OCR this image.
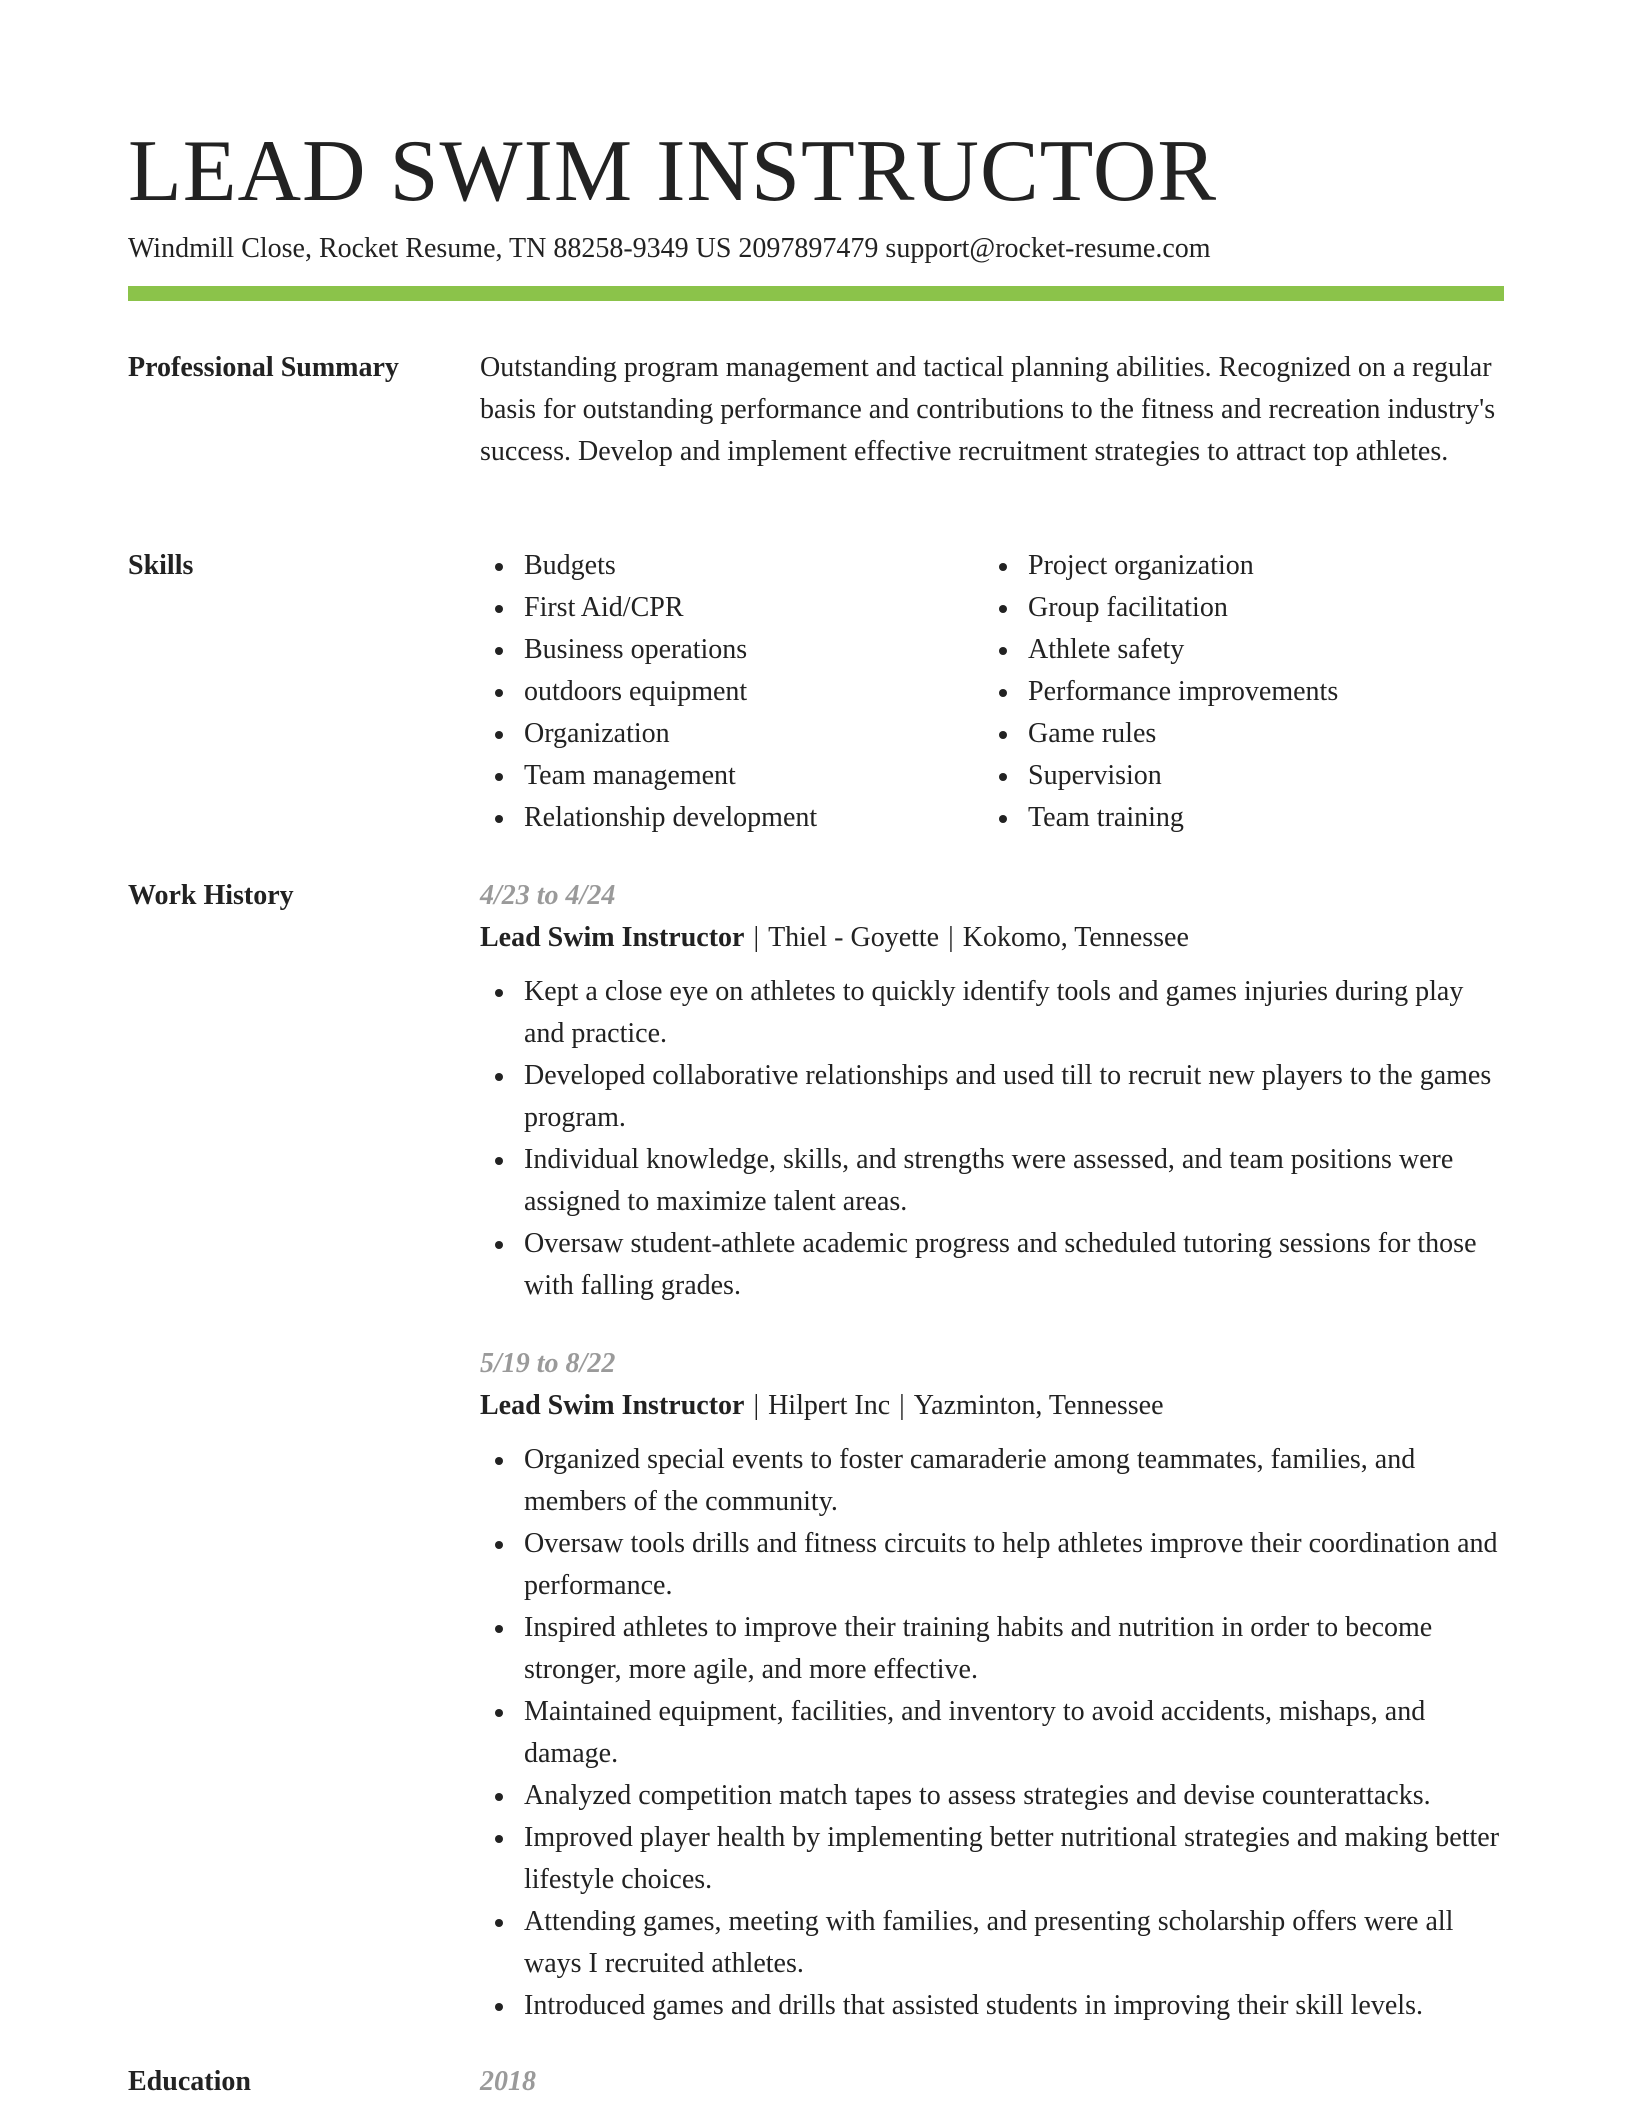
LEAD SWIM INSTRUCTOR
Windmill Close, Rocket Resume, TN 88258-9349 US 2097897479 support@rocket-resume.com
Professional Summary	Outstanding program management and tactical planning abilities. Recognized on a regular basis for outstanding performance and contributions to the fitness and recreation industry's success. Develop and implement effective recruitment strategies to attract top athletes.

Skills	Budgets
First Aid/CPR
Business operations
outdoors equipment
Organization
Team management
Relationship development
Project organization
Group facilitation
Athlete safety
Performance improvements
Game rules
Supervision
Team training
Work History	4/23 to 4/24
Lead Swim Instructor | Thiel - Goyette | Kokomo, Tennessee
Kept a close eye on athletes to quickly identify tools and games injuries during play and practice.
Developed collaborative relationships and used till to recruit new players to the games program.
Individual knowledge, skills, and strengths were assessed, and team positions were assigned to maximize talent areas.
Oversaw student-athlete academic progress and scheduled tutoring sessions for those with falling grades.
5/19 to 8/22
Lead Swim Instructor | Hilpert Inc | Yazminton, Tennessee
Organized special events to foster camaraderie among teammates, families, and members of the community.
Oversaw tools drills and fitness circuits to help athletes improve their coordination and performance.
Inspired athletes to improve their training habits and nutrition in order to become stronger, more agile, and more effective.
Maintained equipment, facilities, and inventory to avoid accidents, mishaps, and damage.
Analyzed competition match tapes to assess strategies and devise counterattacks.
Improved player health by implementing better nutritional strategies and making better lifestyle choices.
Attending games, meeting with families, and presenting scholarship offers were all ways I recruited athletes.
Introduced games and drills that assisted students in improving their skill levels.
Education	2018
